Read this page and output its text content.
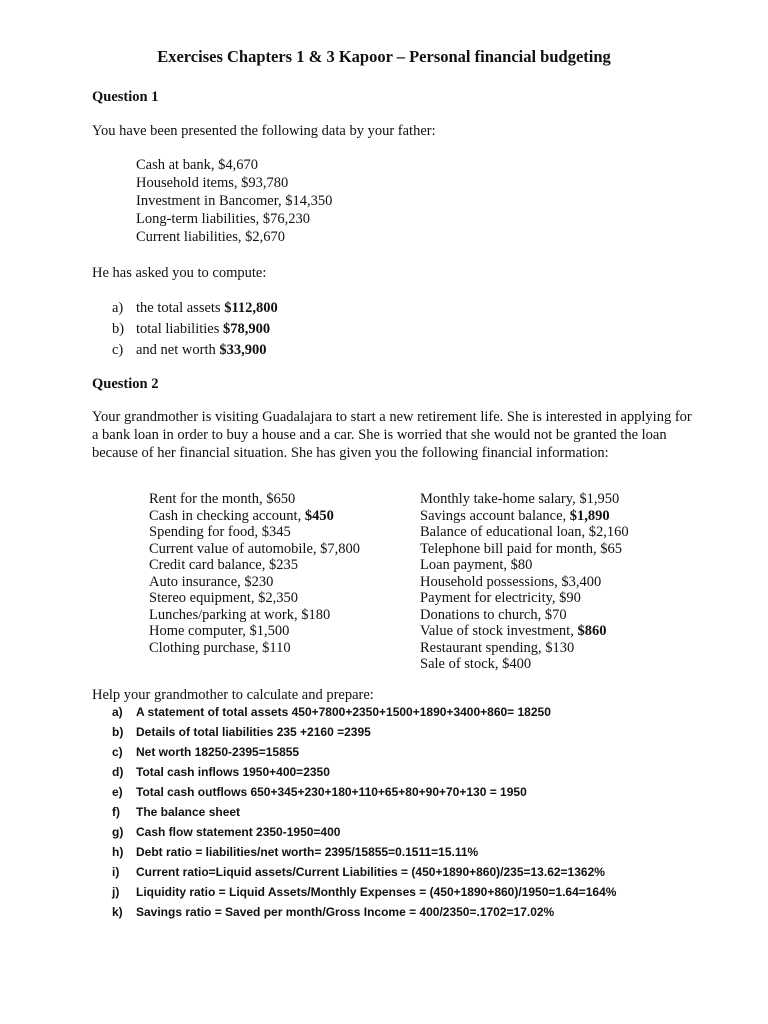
Exercises Chapters 1 & 3 Kapoor – Personal financial budgeting
Question 1
You have been presented the following data by your father:
Cash at bank, $4,670
Household items, $93,780
Investment in Bancomer, $14,350
Long-term liabilities, $76,230
Current liabilities, $2,670
He has asked you to compute:
a) the total assets $112,800
b) total liabilities $78,900
c) and net worth $33,900
Question 2
Your grandmother is visiting Guadalajara to start a new retirement life. She is interested in applying for a bank loan in order to buy a house and a car. She is worried that she would not be granted the loan because of her financial situation. She has given you the following financial information:
Rent for the month, $650
Cash in checking account, $450
Spending for food, $345
Current value of automobile, $7,800
Credit card balance, $235
Auto insurance, $230
Stereo equipment, $2,350
Lunches/parking at work, $180
Home computer, $1,500
Clothing purchase, $110
Monthly take-home salary, $1,950
Savings account balance, $1,890
Balance of educational loan, $2,160
Telephone bill paid for month, $65
Loan payment, $80
Household possessions, $3,400
Payment for electricity, $90
Donations to church, $70
Value of stock investment, $860
Restaurant spending, $130
Sale of stock, $400
Help your grandmother to calculate and prepare:
a)	A statement of total assets 450+7800+2350+1500+1890+3400+860= 18250
b)	Details of total liabilities 235 +2160 =2395
c)	Net worth 18250-2395=15855
d)	Total cash inflows 1950+400=2350
e)	Total cash outflows 650+345+230+180+110+65+80+90+70+130 = 1950
f)	The balance sheet
g)	Cash flow statement 2350-1950=400
h)	Debt ratio = liabilities/net worth= 2395/15855=0.1511=15.11%
i)	Current ratio=Liquid assets/Current Liabilities = (450+1890+860)/235=13.62=1362%
j)	Liquidity ratio = Liquid Assets/Monthly Expenses = (450+1890+860)/1950=1.64=164%
k)	Savings ratio = Saved per month/Gross Income = 400/2350=.1702=17.02%
